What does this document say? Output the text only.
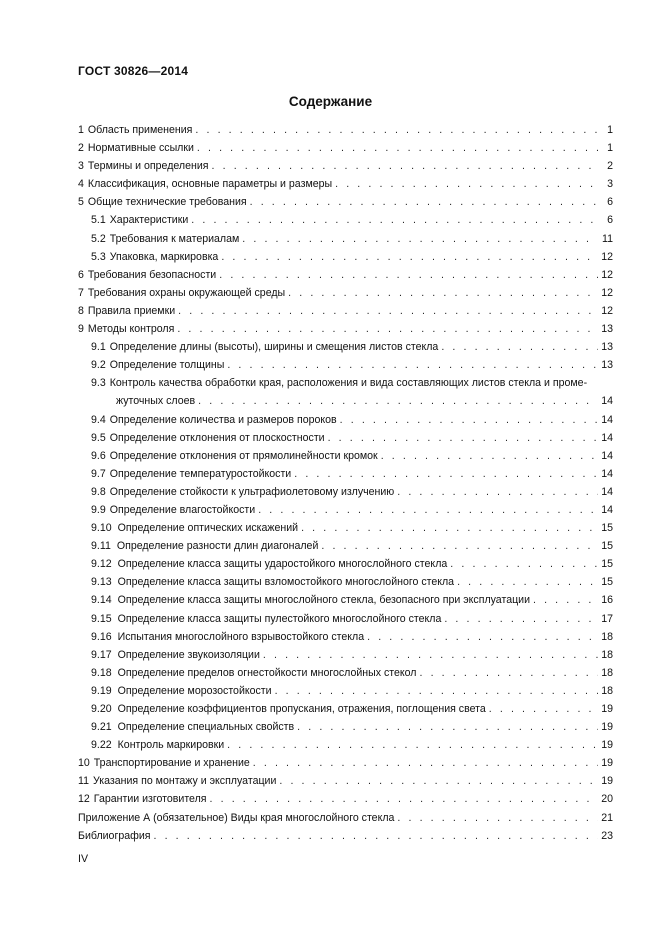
ГОСТ 30826—2014
Содержание
1 Область применения . . .	1
2 Нормативные ссылки . . .	1
3 Термины и определения . . .	2
4 Классификация, основные параметры и размеры . . .	3
5 Общие технические требования . . .	6
5.1 Характеристики . . .	6
5.2 Требования к материалам . . .	11
5.3 Упаковка, маркировка . . .	12
6 Требования безопасности . . .	12
7 Требования охраны окружающей среды . . .	12
8 Правила приемки . . .	12
9 Методы контроля . . .	13
9.1 Определение длины (высоты), ширины и смещения листов стекла . . .	13
9.2 Определение толщины . . .	13
9.3 Контроль качества обработки края, расположения и вида составляющих листов стекла и проме-
жуточных слоев . . .	14
9.4 Определение количества и размеров пороков . . .	14
9.5 Определение отклонения от плоскостности . . .	14
9.6 Определение отклонения от прямолинейности кромок . . .	14
9.7 Определение температуростойкости . . .	14
9.8 Определение стойкости к ультрафиолетовому излучению . . .	14
9.9 Определение влагостойкости . . .	14
9.10 Определение оптических искажений . . .	15
9.11 Определение разности длин диагоналей . . .	15
9.12 Определение класса защиты ударостойкого многослойного стекла . . .	15
9.13 Определение класса защиты взломостойкого многослойного стекла . . .	15
9.14 Определение класса защиты многослойного стекла, безопасного при эксплуатации . . .	16
9.15 Определение класса защиты пулестойкого многослойного стекла . . .	17
9.16 Испытания многослойного взрывостойкого стекла . . .	18
9.17 Определение звукоизоляции . . .	18
9.18 Определение пределов огнестойкости многослойных стекол . . .	18
9.19 Определение морозостойкости . . .	18
9.20 Определение коэффициентов пропускания, отражения, поглощения света . . .	19
9.21 Определение специальных свойств . . .	19
9.22 Контроль маркировки . . .	19
10 Транспортирование и хранение . . .	19
11 Указания по монтажу и эксплуатации . . .	19
12 Гарантии изготовителя . . .	20
Приложение А (обязательное) Виды края многослойного стекла . . .	21
Библиография . . .	23
IV
